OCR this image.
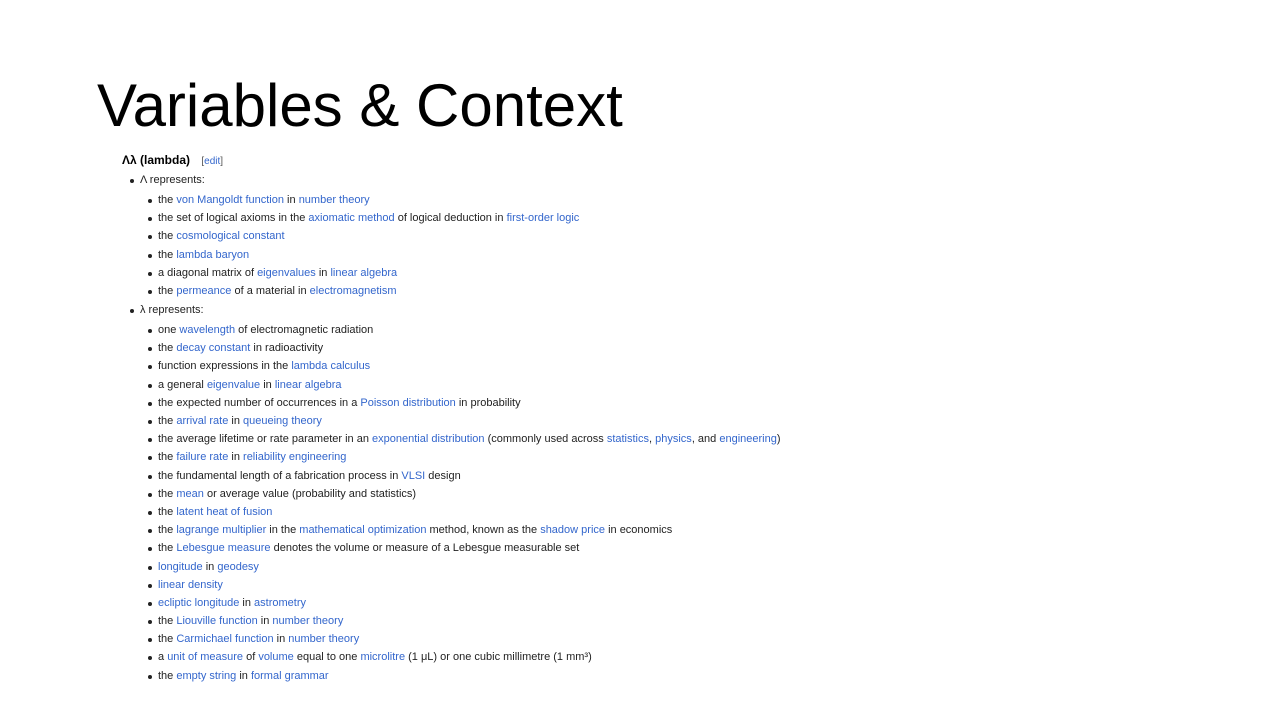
Variables & Context
Λλ (lambda) [edit]
Λ represents:
the von Mangoldt function in number theory
the set of logical axioms in the axiomatic method of logical deduction in first-order logic
the cosmological constant
the lambda baryon
a diagonal matrix of eigenvalues in linear algebra
the permeance of a material in electromagnetism
λ represents:
one wavelength of electromagnetic radiation
the decay constant in radioactivity
function expressions in the lambda calculus
a general eigenvalue in linear algebra
the expected number of occurrences in a Poisson distribution in probability
the arrival rate in queueing theory
the average lifetime or rate parameter in an exponential distribution (commonly used across statistics, physics, and engineering)
the failure rate in reliability engineering
the fundamental length of a fabrication process in VLSI design
the mean or average value (probability and statistics)
the latent heat of fusion
the lagrange multiplier in the mathematical optimization method, known as the shadow price in economics
the Lebesgue measure denotes the volume or measure of a Lebesgue measurable set
longitude in geodesy
linear density
ecliptic longitude in astrometry
the Liouville function in number theory
the Carmichael function in number theory
a unit of measure of volume equal to one microlitre (1 μL) or one cubic millimetre (1 mm³)
the empty string in formal grammar
